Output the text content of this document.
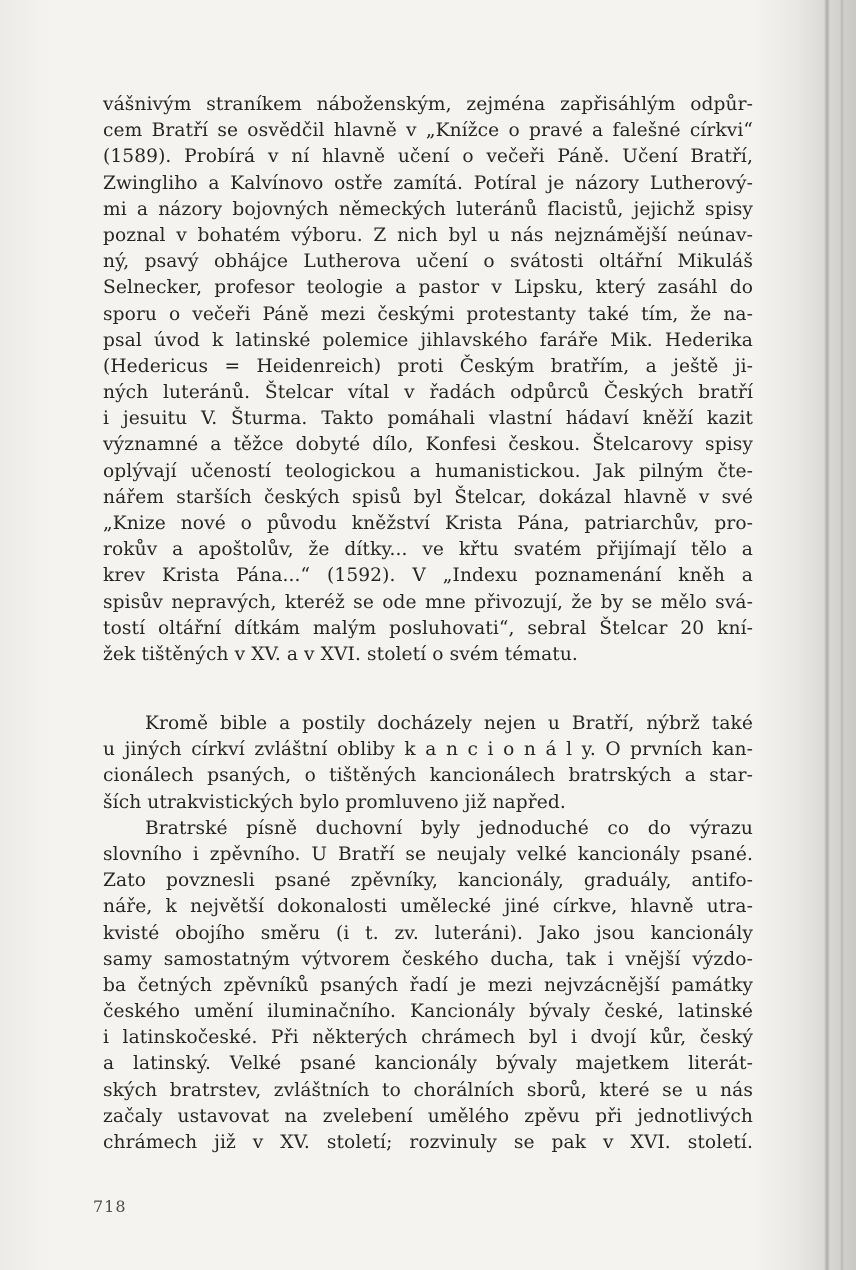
vášnivým straníkem náboženským, zejména zapřisáhlým odpůr-
cem Bratří se osvědčil hlavně v „Knížce o pravé a falešné církvi“
(1589). Probírá v ní hlavně učení o večeři Páně. Učení Bratří,
Zwingliho a Kalvínovo ostře zamítá. Potíral je názory Lutherový-
mi a názory bojovných německých luteránů flacistů, jejichž spisy
poznal v bohatém výboru. Z nich byl u nás nejznámější neúnav-
ný, psavý obhájce Lutherova učení o svátosti oltářní Mikuláš
Selnecker, profesor teologie a pastor v Lipsku, který zasáhl do
sporu o večeři Páně mezi českými protestanty také tím, že na-
psal úvod k latinské polemice jihlavského faráře Mik. Hederika
(Hedericus = Heidenreich) proti Českým bratřím, a ještě ji-
ných luteránů. Štelcar vítal v řadách odpůrců Českých bratří
i jesuitu V. Šturma. Takto pomáhali vlastní hádaví kněží kazit
významné a těžce dobyté dílo, Konfesi českou. Štelcarovy spisy
oplývají učeností teologickou a humanistickou. Jak pilným čte-
nářem starších českých spisů byl Štelcar, dokázal hlavně v své
„Knize nové o původu kněžství Krista Pána, patriarchův, pro-
rokův a apoštolův, že dítky... ve křtu svatém přijímají tělo a
krev Krista Pána...“ (1592). V „Indexu poznamenání kněh a
spisův nepravých, kteréž se ode mne přivozují, že by se mělo svá-
tostí oltářní dítkám malým posluhovati“, sebral Štelcar 20 kní-
žek tištěných v XV. a v XVI. století o svém tématu.
Kromě bible a postily docházely nejen u Bratří, nýbrž také
u jiných církví zvláštní obliby k a n c i o n á l y. O prvních kan-
cionálech psaných, o tištěných kancionálech bratrských a star-
ších utrakvistických bylo promluveno již napřed.
Bratrské písně duchovní byly jednoduché co do výrazu
slovního i zpěvního. U Bratří se neujaly velké kancionály psané.
Zato povznesli psané zpěvníky, kancionály, graduály, antifo-
náře, k největší dokonalosti umělecké jiné církve, hlavně utra-
kvisté obojího směru (i t. zv. luteráni). Jako jsou kancionály
samy samostatným výtvorem českého ducha, tak i vnější výzdo-
ba četných zpěvníků psaných řadí je mezi nejvzácnější památky
českého umění iluminačního. Kancionály bývaly české, latinské
i latinskočeské. Při některých chrámech byl i dvojí kůr, český
a latinský. Velké psané kancionály bývaly majetkem literát-
ských bratrstev, zvláštních to chorálních sborů, které se u nás
začaly ustavovat na zvelebení umělého zpěvu při jednotlivých
chrámech již v XV. století; rozvinuly se pak v XVI. století.
718
